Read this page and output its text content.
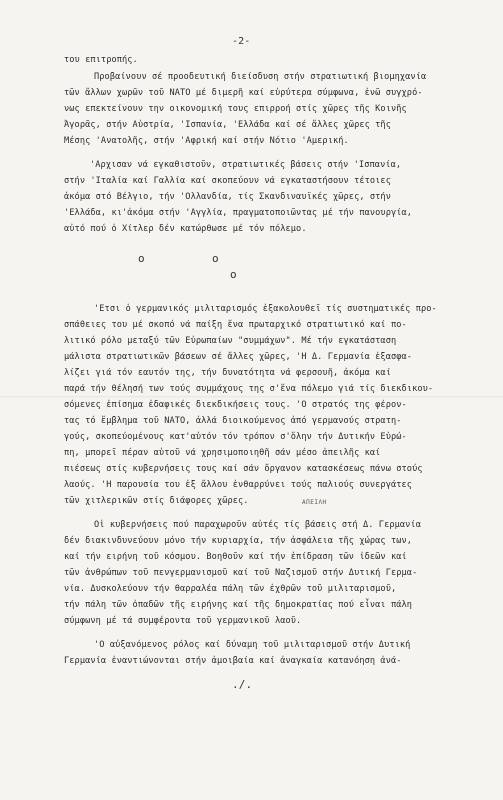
-2-
του επιτροπής.
Προβαίνουν σέ προοδευτική διείσδυση στήν στρατιωτική βιομηχανία
τῶν ἄλλων χωρῶν τοῦ ΝΑΤΟ μέ διμερῆ καί εὐρύτερα σύμφωνα, ἐνῶ συγχρό-
νως επεκτείνουν την οικονομική τους επιρροή στίς χῶρες τῆς Κοινῆς
Ἀγορᾶς, στήν Αὐστρία, 'Ισπανία, 'Ελλάδα καί σέ ἄλλες χῶρες τῆς
Μέσης 'Ανατολῆς, στήν 'Αφρική καί στήν Νότιο 'Αμερική.
'Αρχισαν νά εγκαθιστοῦν, στρατιωτικές βάσεις στήν 'Ισπανία,
στήν 'Ιταλία καί Γαλλία καί σκοπεύουν νά εγκαταστήσουν τέτοιες
ἀκόμα στό Βέλγιο, τήν 'Ολλανδία, τίς Σκανδιναυϊκές χῶρες, στήν
'Ελλάδα, κι'ἀκόμα στήν 'Αγγλία, πραγματοποιῶντας μέ τήν πανουργία,
αὐτό πού ὁ Χίτλερ δέν κατώρθωσε μέ τόν πόλεμο.
o	o
o
'Ετσι ὁ γερμανικός μιλιταρισμός ἐξακολουθεῖ τίς συστηματικές προ-
σπάθειες του μέ σκοπό νά παίξη ἕνα πρωταρχικό στρατιωτικό καί πο-
λιτικό ρόλο μεταξύ τῶν Εὐρωπαίων "συμμάχων". Μέ τήν εγκατάσταση
μάλιστα στρατιωτικῶν βάσεων σέ ἄλλες χῶρες, 'Η Δ. Γερμανία ἐξασφα-
λίζει γιά τόν εαυτόν της, τήν δυνατότητα νά φερσουῆ, ἀκόμα καί
παρά τήν θέλησή των τούς συμμάχους της σ'ἕνα πόλεμο γιά τίς διεκδικου-
σόμενες ἐπίσημα ἐδαφικές διεκδικήσεις τους. 'Ο στρατός της φέρον-
τας τό ἔμβλημα τοῦ ΝΑΤΟ, ἀλλά διοικούμενος ἀπό γερμανούς στρατη-
γούς, σκοπεύομένους κατ'αὐτόν τόν τρόπον σ'ὅλην τήν Δυτικήν Εὐρώ-
πη, μπορεῖ πέραν αὐτοῦ νά χρησιμοποιηθῆ σάν μέσο ἀπειλῆς καί
ΑΠΕΙΛΗ
πιέσεως στίς κυβερνήσεις τους καί σάν ὄργανον κατασκέσεως πάνω στούς
λαούς. 'Η παρουσία του ἐξ ἄλλου ἐνθαρρύνει τούς παλιούς συνεργάτες
τῶν χιτλερικῶν στίς διάφορες χῶρες.
Οἱ κυβερνήσεις πού παραχωροῦν αὐτές τίς βάσεις στή Δ. Γερμανία
δέν διακινδυνεύουν μόνο τήν κυριαρχία, τήν ἀσφάλεια τῆς χώρας των,
καί τήν ειρήνη τοῦ κόσμου. Βοηθοῦν καί τήν ἐπίδραση τῶν ἰδεῶν καί
τῶν ἀνθρώπων τοῦ πενγερμανισμοῦ καί τοῦ Ναζισμοῦ στήν Δυτική Γερμα-
νία. Δυσκολεύουν τήν θαρραλέα πάλη τῶν ἐχθρῶν τοῦ μιλιταρισμοῦ,
τήν πάλη τῶν ὀπαδῶν τῆς ειρήνης καί τῆς δημοκρατίας πού εἶναι πάλη
σύμφωνη μέ τά συμφέροντα τοῦ γερμανικοῦ λαοῦ.
'Ο αὐξανόμενος ρόλος καί δύναμη τοῦ μιλιταρισμοῦ στήν Δυτική
Γερμανία ἐναντιώνονται στήν ἀμοιβαία καί ἀναγκαία κατανόηση ἀνά-
./.
